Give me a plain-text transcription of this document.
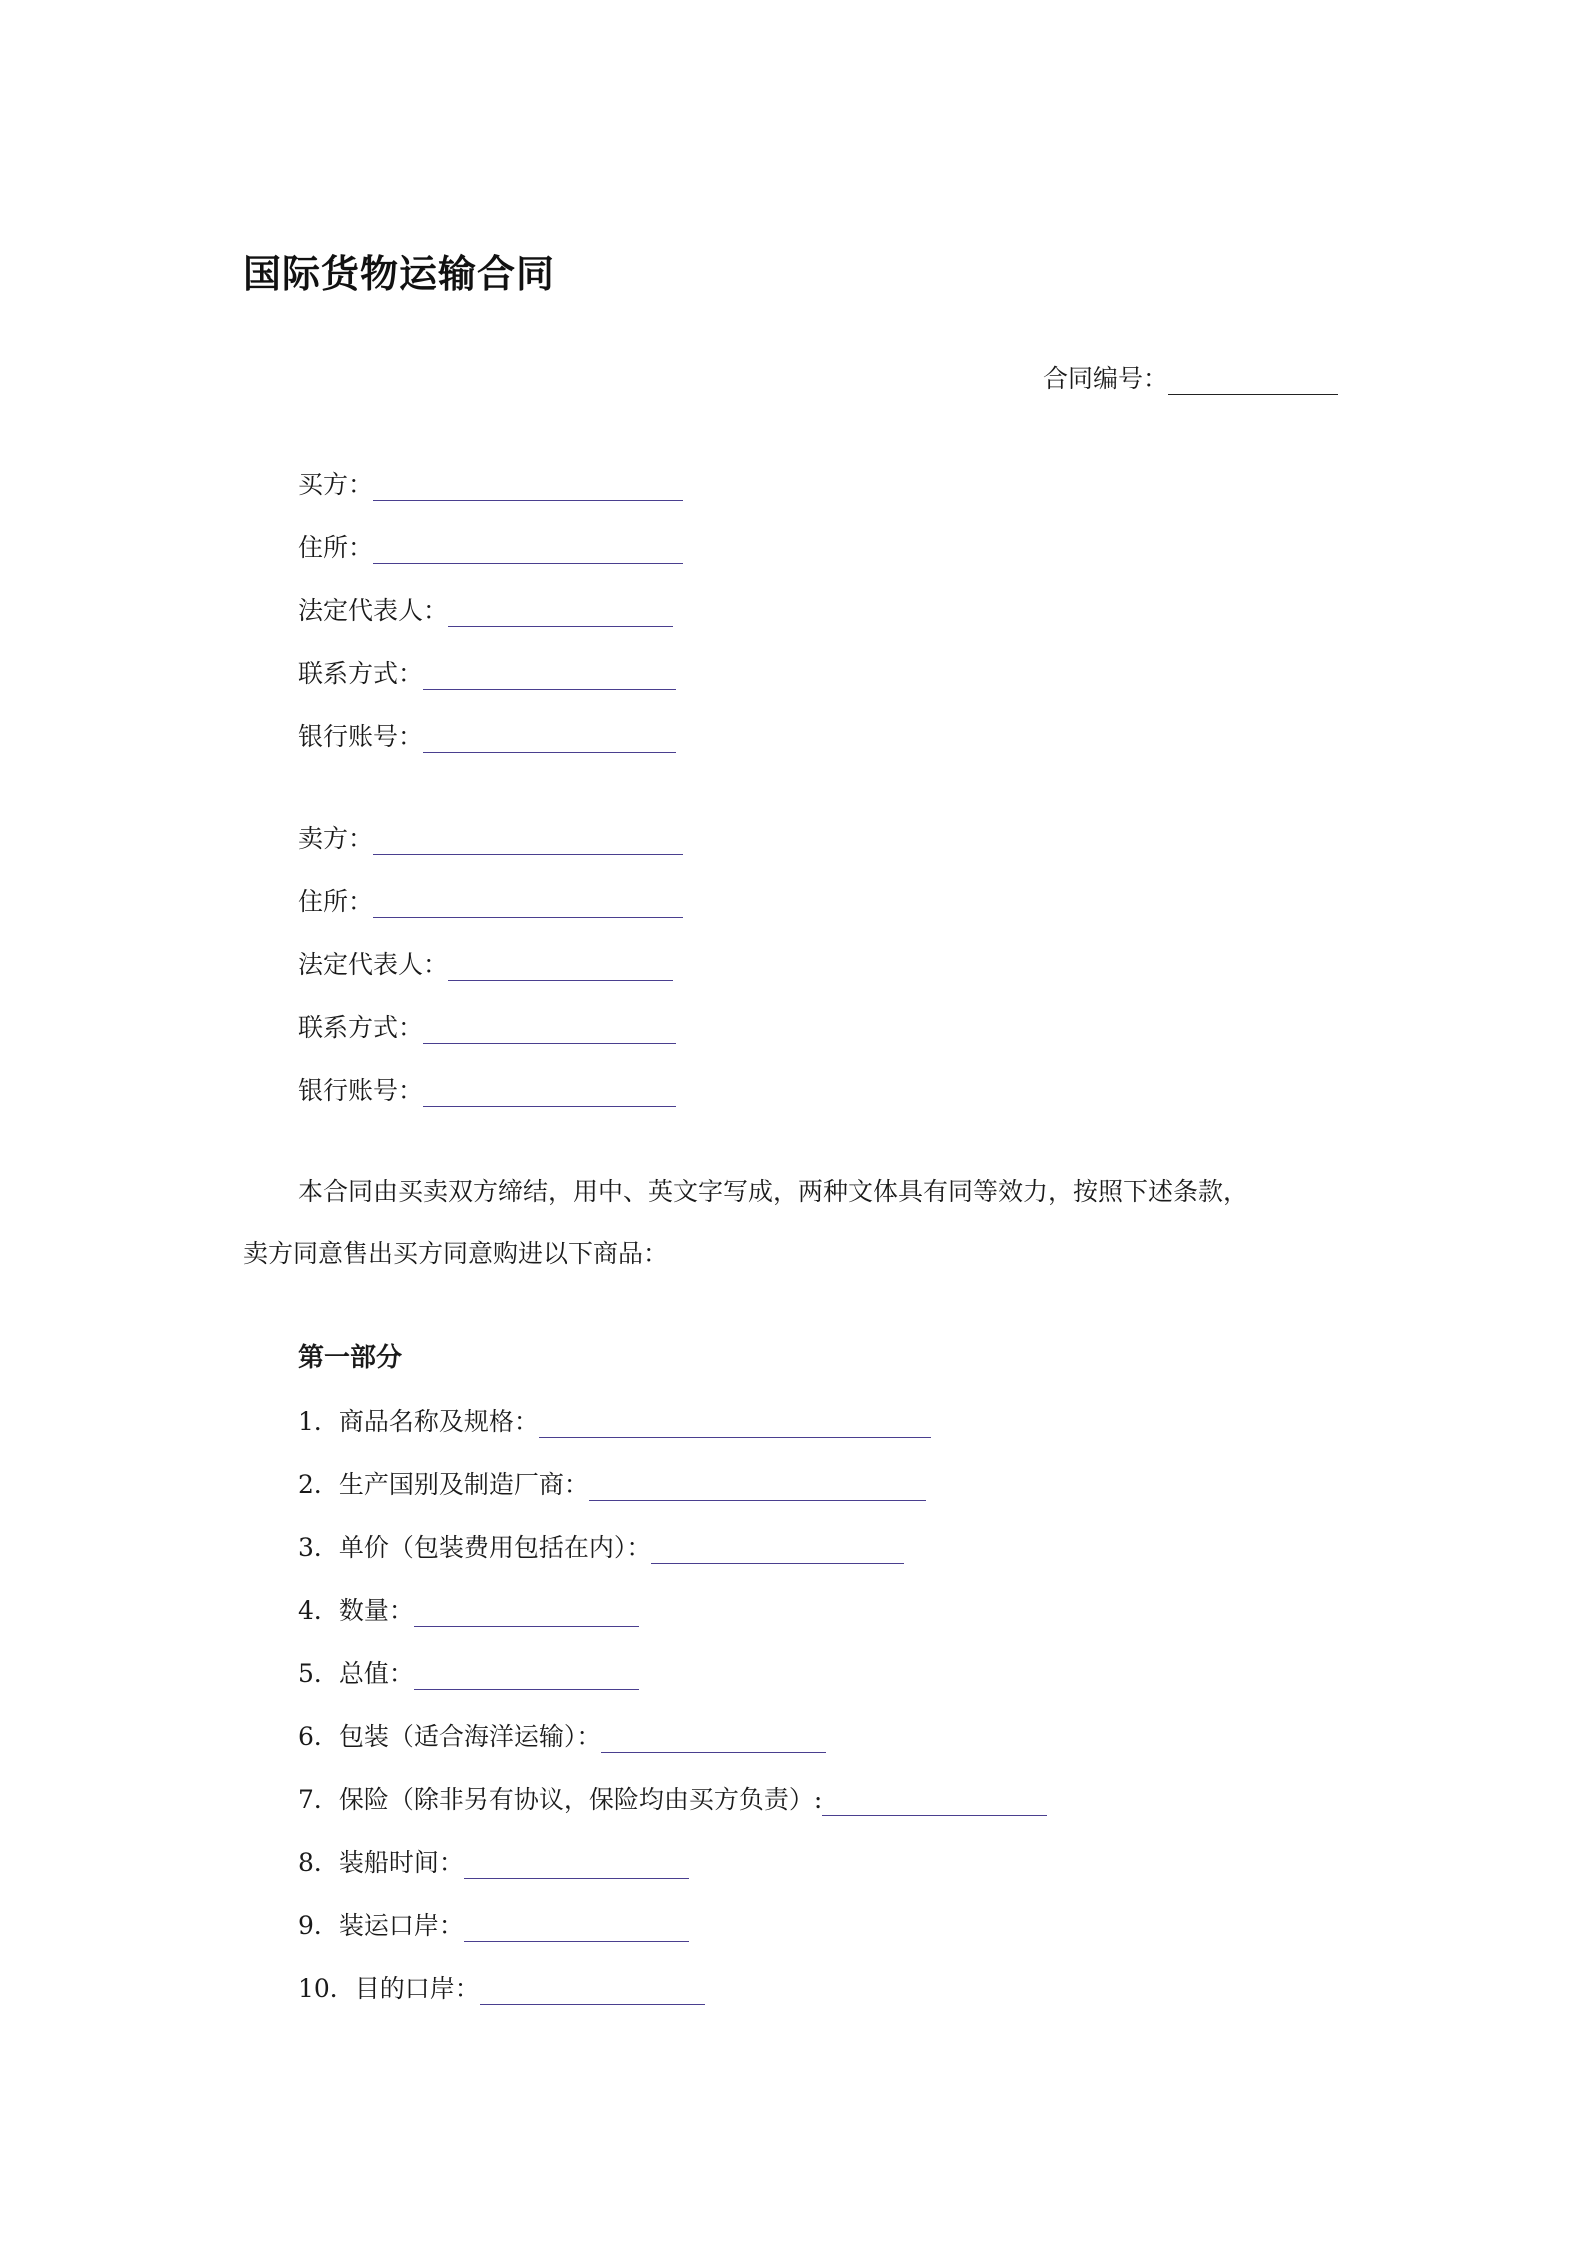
国际货物运输合同
合同编号：
买方：
住所：
法定代表人：
联系方式：
银行账号：
卖方：
住所：
法定代表人：
联系方式：
银行账号：
本合同由买卖双方缔结，用中、英文字写成，两种文体具有同等效力，按照下述条款，
卖方同意售出买方同意购进以下商品：
第一部分
1．商品名称及规格：
2．生产国别及制造厂商：
3．单价（包装费用包括在内）：
4．数量：
5．总值：
6．包装（适合海洋运输）：
7．保险（除非另有协议，保险均由买方负责）:
8．装船时间：
9．装运口岸：
10．目的口岸：
